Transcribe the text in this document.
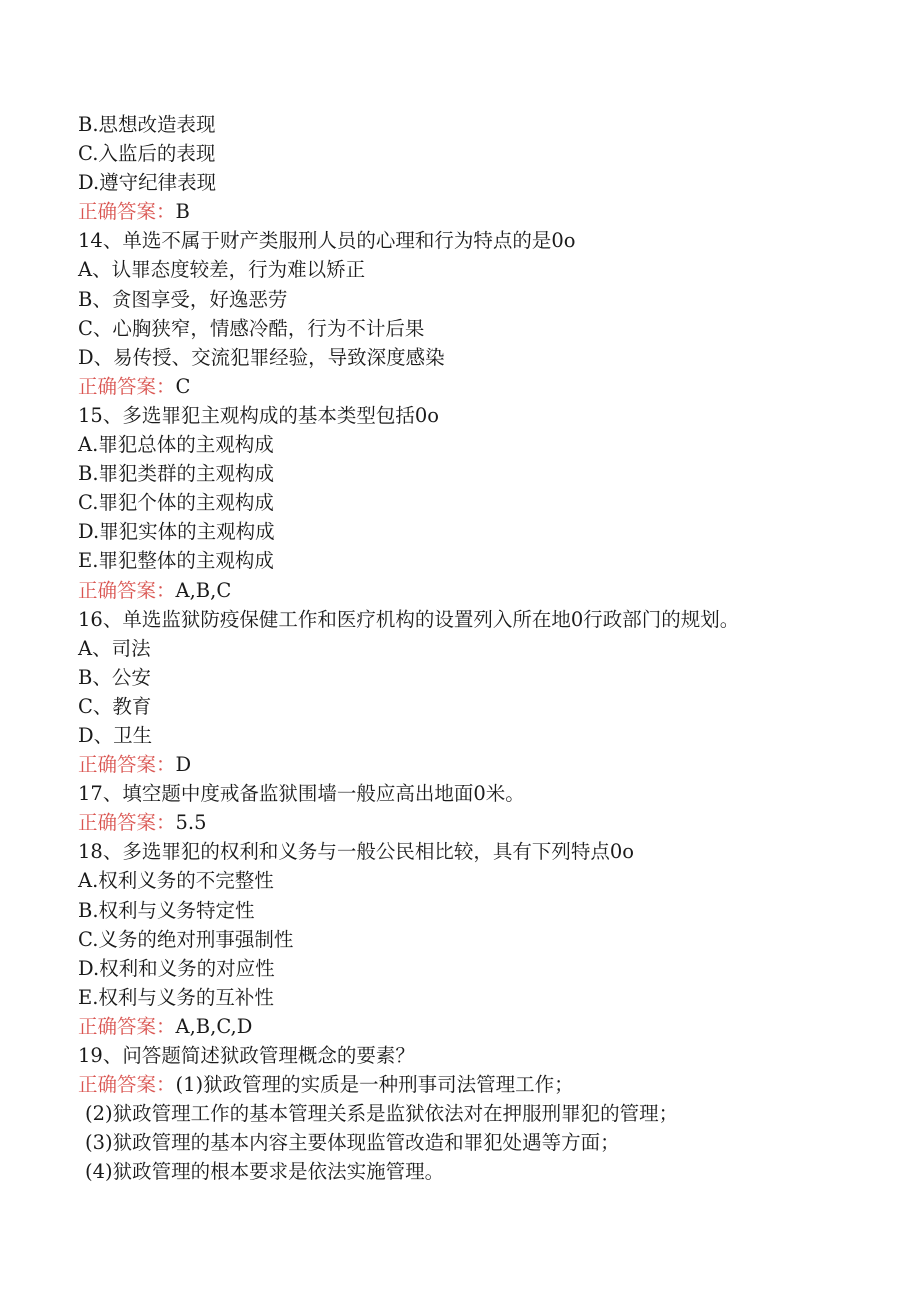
B.思想改造表现
C.入监后的表现
D.遵守纪律表现
正确答案：B
14、单选不属于财产类服刑人员的心理和行为特点的是0o
A、认罪态度较差，行为难以矫正
B、贪图享受，好逸恶劳
C、心胸狭窄，情感冷酷，行为不计后果
D、易传授、交流犯罪经验，导致深度感染
正确答案：C
15、多选罪犯主观构成的基本类型包括0o
A.罪犯总体的主观构成
B.罪犯类群的主观构成
C.罪犯个体的主观构成
D.罪犯实体的主观构成
E.罪犯整体的主观构成
正确答案：A,B,C
16、单选监狱防疫保健工作和医疗机构的设置列入所在地0行政部门的规划。
A、司法
B、公安
C、教育
D、卫生
正确答案：D
17、填空题中度戒备监狱围墙一般应高出地面0米。
正确答案：5.5
18、多选罪犯的权利和义务与一般公民相比较，具有下列特点0o
A.权利义务的不完整性
B.权利与义务特定性
C.义务的绝对刑事强制性
D.权利和义务的对应性
E.权利与义务的互补性
正确答案：A,B,C,D
19、问答题简述狱政管理概念的要素？
正确答案：(1)狱政管理的实质是一种刑事司法管理工作；
(2)狱政管理工作的基本管理关系是监狱依法对在押服刑罪犯的管理；
(3)狱政管理的基本内容主要体现监管改造和罪犯处遇等方面；
(4)狱政管理的根本要求是依法实施管理。
